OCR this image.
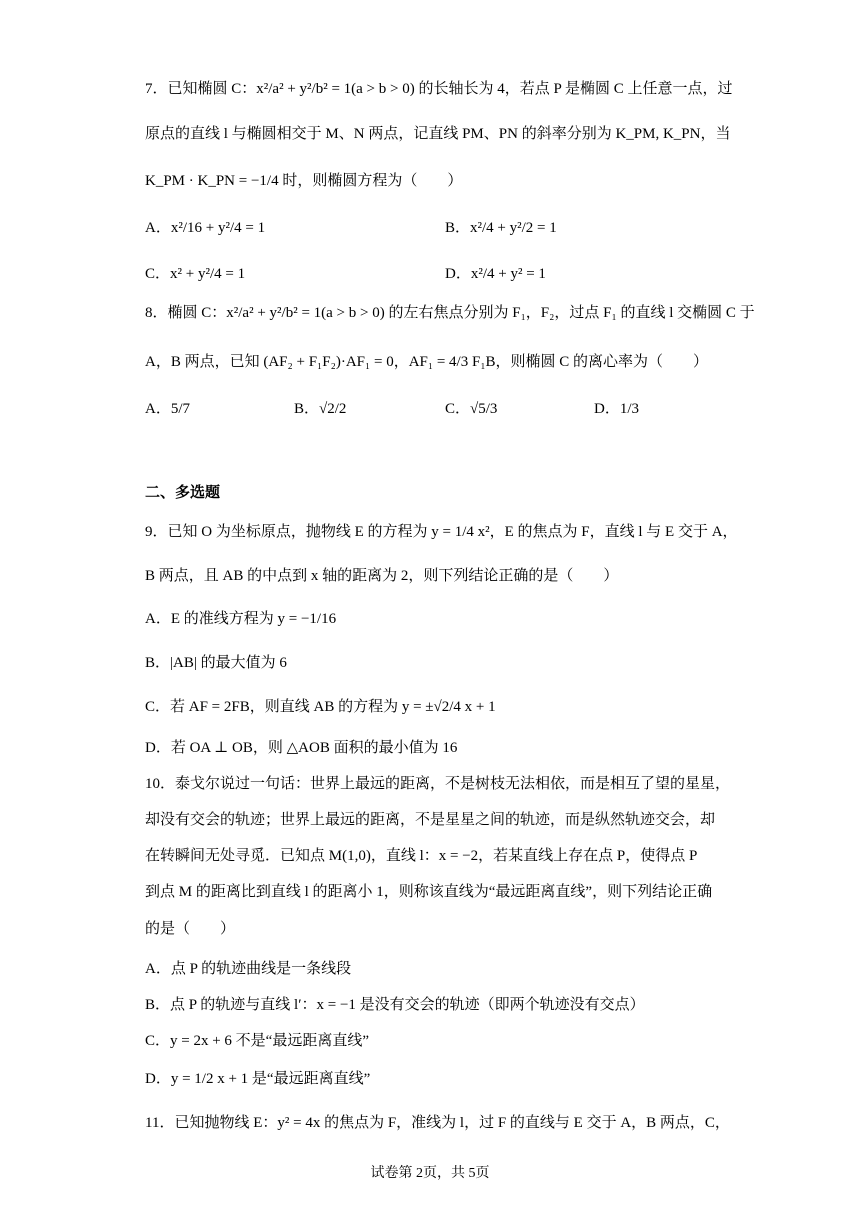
7．已知椭圆 C：x²/a² + y²/b² = 1(a > b > 0) 的长轴长为 4，若点 P 是椭圆 C 上任意一点，过
原点的直线 l 与椭圆相交于 M、N 两点，记直线 PM、PN 的斜率分别为 K_PM, K_PN，当
K_PM · K_PN = −1/4 时，则椭圆方程为（　　）
A．x²/16 + y²/4 = 1	B．x²/4 + y²/2 = 1
C．x² + y²/4 = 1	D．x²/4 + y² = 1
8．椭圆 C：x²/a² + y²/b² = 1(a > b > 0) 的左右焦点分别为 F₁，F₂，过点 F₁ 的直线 l 交椭圆 C 于
A，B 两点，已知 (AF₂ + F₁F₂)·AF₁ = 0，AF₁ = 4/3 F₁B，则椭圆 C 的离心率为（　　）
A．5/7	B．√2/2	C．√5/3	D．1/3
二、多选题
9．已知 O 为坐标原点，抛物线 E 的方程为 y = 1/4 x²，E 的焦点为 F，直线 l 与 E 交于 A，
B 两点，且 AB 的中点到 x 轴的距离为 2，则下列结论正确的是（　　）
A．E 的准线方程为 y = −1/16
B．|AB| 的最大值为 6
C．若 AF = 2FB，则直线 AB 的方程为 y = ±√2/4 x + 1
D．若 OA ⊥ OB，则 △AOB 面积的最小值为 16
10．泰戈尔说过一句话：世界上最远的距离，不是树枝无法相依，而是相互了望的星星，
却没有交会的轨迹；世界上最远的距离，不是星星之间的轨迹，而是纵然轨迹交会，却
在转瞬间无处寻觅．已知点 M(1,0)，直线 l：x = −2，若某直线上存在点 P，使得点 P
到点 M 的距离比到直线 l 的距离小 1，则称该直线为“最远距离直线”，则下列结论正确
的是（　　）
A．点 P 的轨迹曲线是一条线段
B．点 P 的轨迹与直线 l′：x = −1 是没有交会的轨迹（即两个轨迹没有交点）
C．y = 2x + 6 不是“最远距离直线”
D．y = 1/2 x + 1 是“最远距离直线”
11．已知抛物线 E：y² = 4x 的焦点为 F，准线为 l，过 F 的直线与 E 交于 A，B 两点，C，
试卷第 2页，共 5页
